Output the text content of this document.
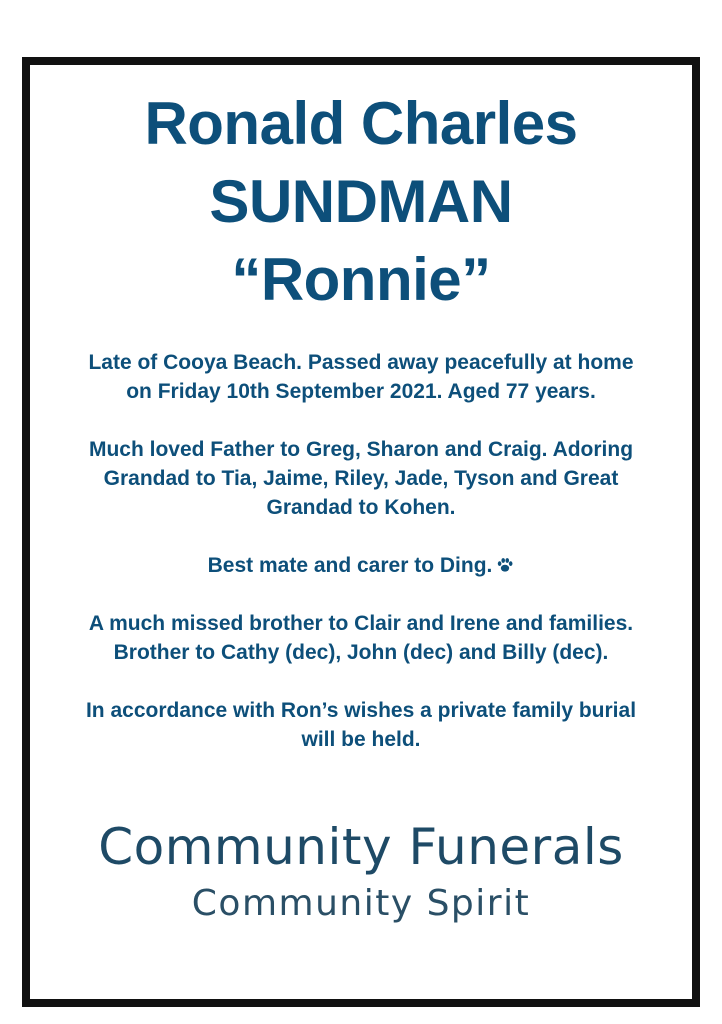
Ronald Charles
SUNDMAN
“Ronnie”

Late of Cooya Beach. Passed away peacefully at home
on Friday 10th September 2021. Aged 77 years.

Much loved Father to Greg, Sharon and Craig. Adoring
Grandad to Tia, Jaime, Riley, Jade, Tyson and Great
Grandad to Kohen.

Best mate and carer to Ding.

A much missed brother to Clair and Irene and families.
Brother to Cathy (dec), John (dec) and Billy (dec).

In accordance with Ron’s wishes a private family burial
will be held.

Community Funerals
Community Spirit
